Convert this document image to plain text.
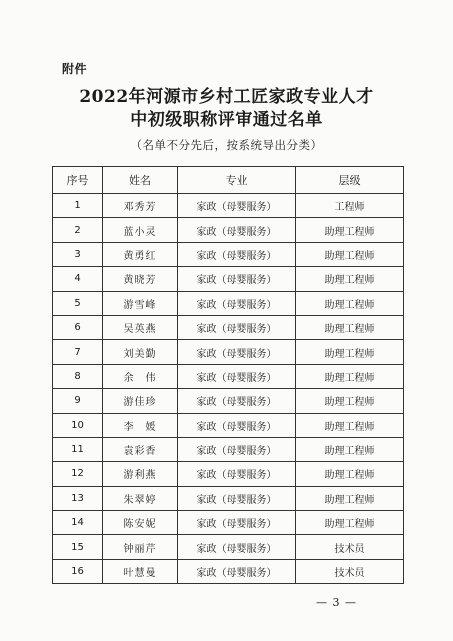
附件
2022年河源市乡村工匠家政专业人才
中初级职称评审通过名单
（名单不分先后，按系统导出分类）
序号	姓名	专业	层级
1	邓秀芳	家政（母婴服务）	工程师
2	蓝小灵	家政（母婴服务）	助理工程师
3	黄勇红	家政（母婴服务）	助理工程师
4	黄晓芳	家政（母婴服务）	助理工程师
5	游雪峰	家政（母婴服务）	助理工程师
6	吴英燕	家政（母婴服务）	助理工程师
7	刘美勤	家政（母婴服务）	助理工程师
8	余　伟	家政（母婴服务）	助理工程师
9	游佳珍	家政（母婴服务）	助理工程师
10	李　媛	家政（母婴服务）	助理工程师
11	袁彩香	家政（母婴服务）	助理工程师
12	游利燕	家政（母婴服务）	助理工程师
13	朱翠婷	家政（母婴服务）	助理工程师
14	陈安妮	家政（母婴服务）	助理工程师
15	钟丽芹	家政（母婴服务）	技术员
16	叶慧曼	家政（母婴服务）	技术员
— 3 —
